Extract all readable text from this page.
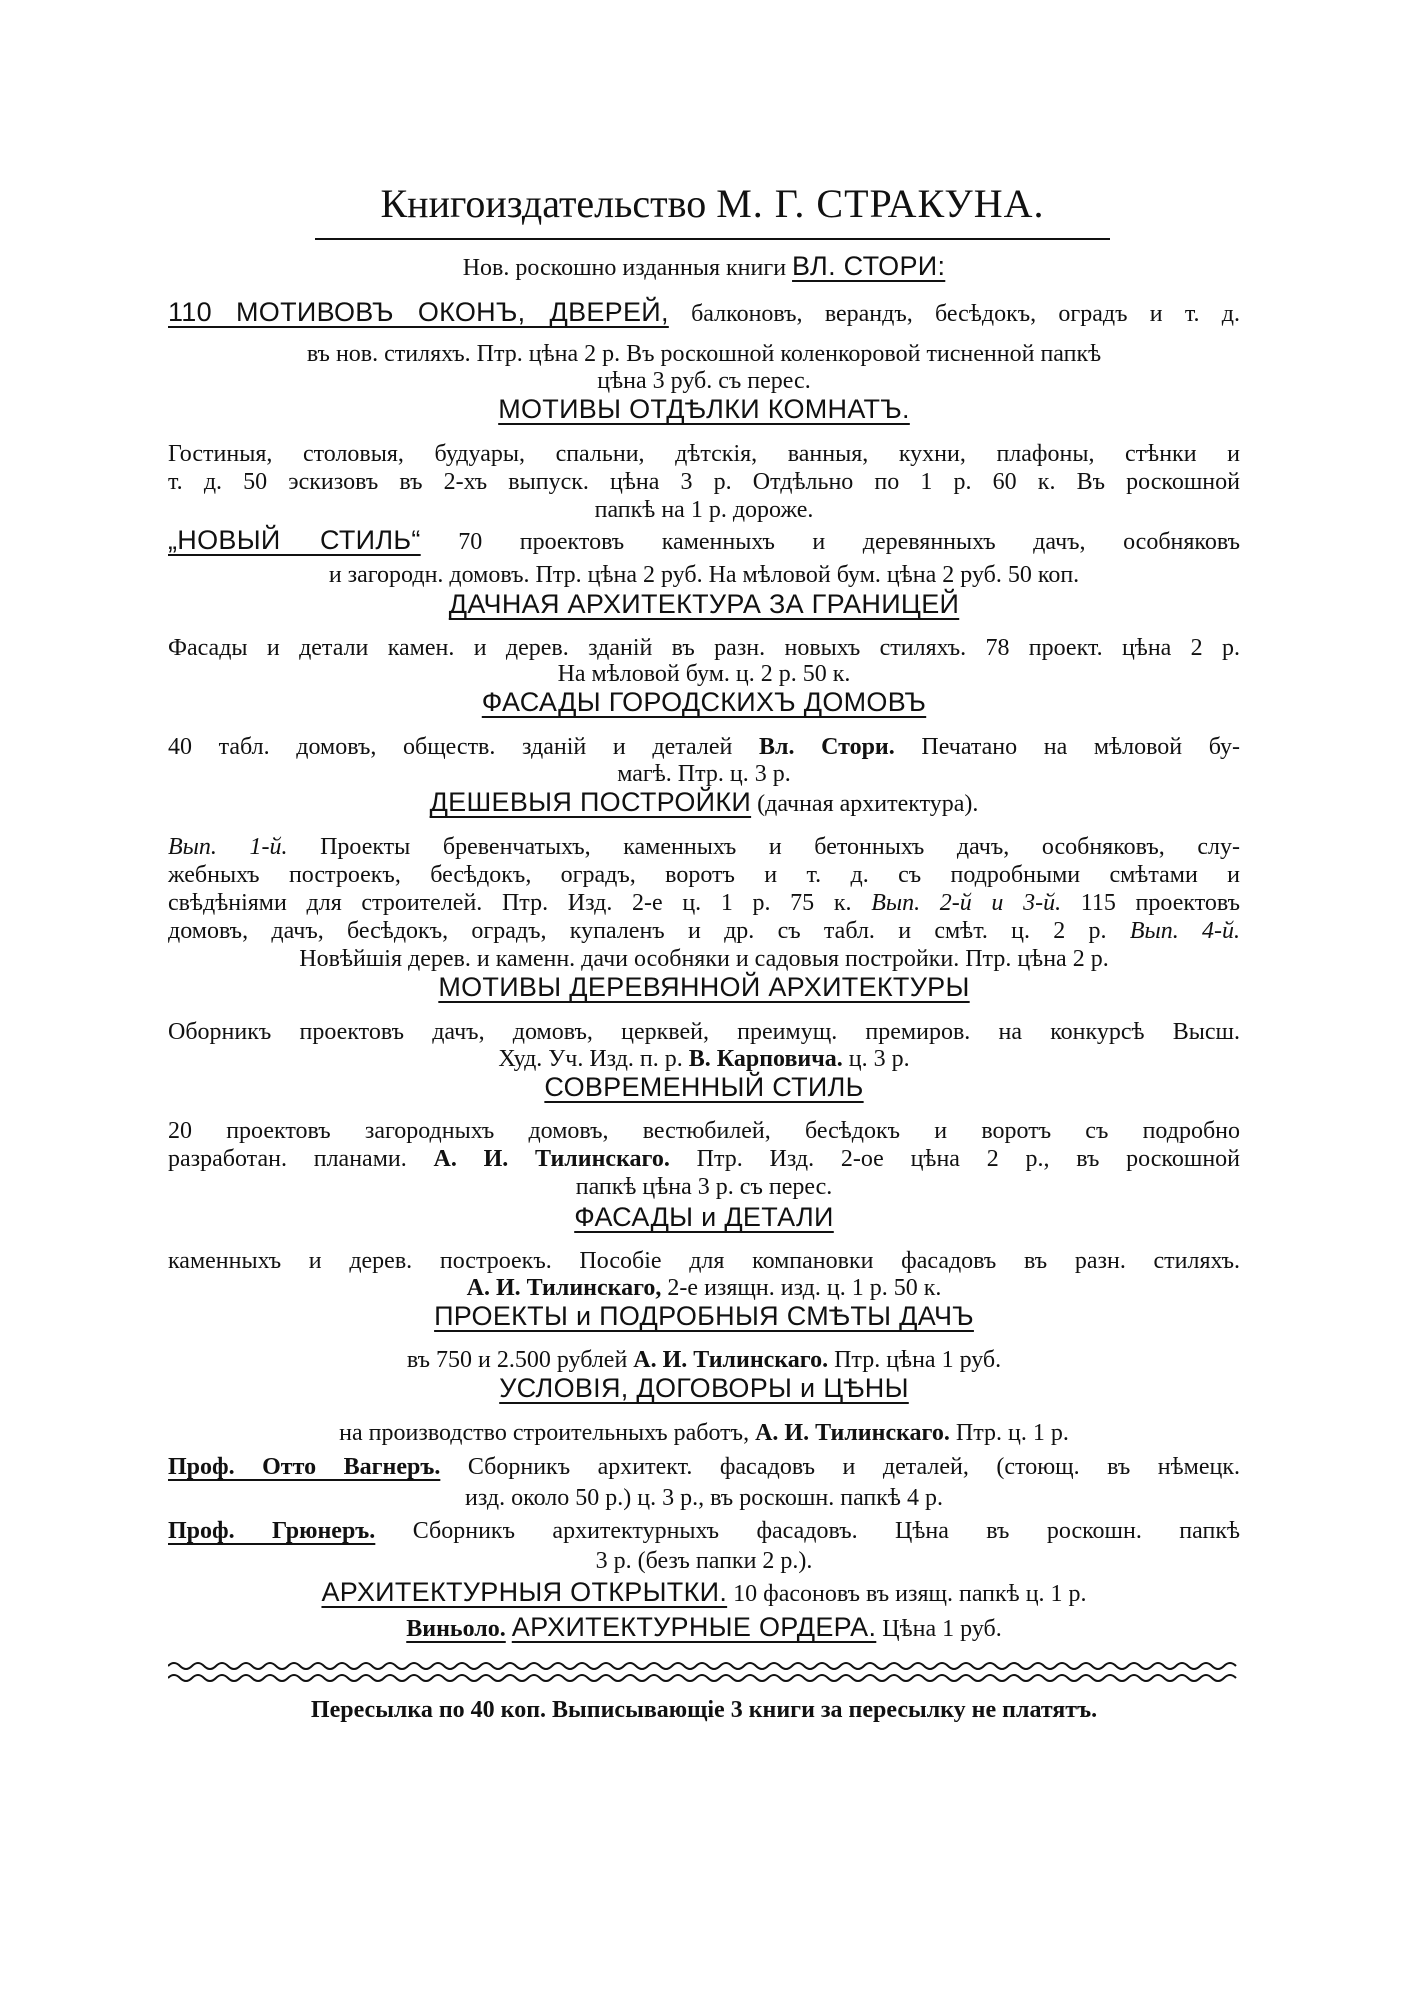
Книгоиздательство М. Г. СТРАКУНА.
Нов. роскошно изданныя книги ВЛ. СТОРИ:
110 МОТИВОВЪ ОКОНЪ, ДВЕРЕЙ, балконовъ, верандъ, бесѣдокъ, оградъ и т. д.
въ нов. стиляхъ. Птр. цѣна 2 р. Въ роскошной коленкоровой тисненной папкѣ
цѣна 3 руб. съ перес.
МОТИВЫ ОТДѢЛКИ КОМНАТЪ.
Гостиныя, столовыя, будуары, спальни, дѣтскія, ванныя, кухни, плафоны, стѣнки и
т. д. 50 эскизовъ въ 2-хъ выпуск. цѣна 3 р. Отдѣльно по 1 р. 60 к. Въ роскошной
папкѣ на 1 р. дороже.
„НОВЫЙ СТИЛЬ“ 70 проектовъ каменныхъ и деревянныхъ дачъ, особняковъ
и загородн. домовъ. Птр. цѣна 2 руб. На мѣловой бум. цѣна 2 руб. 50 коп.
ДАЧНАЯ АРХИТЕКТУРА ЗА ГРАНИЦЕЙ
Фасады и детали камен. и дерев. зданій въ разн. новыхъ стиляхъ. 78 проект. цѣна 2 р.
На мѣловой бум. ц. 2 р. 50 к.
ФАСАДЫ ГОРОДСКИХЪ ДОМОВЪ
40 табл. домовъ, обществ. зданій и деталей Вл. Стори. Печатано на мѣловой бу-
магѣ. Птр. ц. 3 р.
ДЕШЕВЫЯ ПОСТРОЙКИ (дачная архитектура).
Вып. 1-й. Проекты бревенчатыхъ, каменныхъ и бетонныхъ дачъ, особняковъ, слу-
жебныхъ построекъ, бесѣдокъ, оградъ, воротъ и т. д. съ подробными смѣтами и
свѣдѣніями для строителей. Птр. Изд. 2-е ц. 1 р. 75 к. Вып. 2-й и 3-й. 115 проектовъ
домовъ, дачъ, бесѣдокъ, оградъ, купаленъ и др. съ табл. и смѣт. ц. 2 р. Вып. 4-й.
Новѣйшія дерев. и каменн. дачи особняки и садовыя постройки. Птр. цѣна 2 р.
МОТИВЫ ДЕРЕВЯННОЙ АРХИТЕКТУРЫ
Оборникъ проектовъ дачъ, домовъ, церквей, преимущ. премиров. на конкурсѣ Высш.
Худ. Уч. Изд. п. р. В. Карповича. ц. 3 р.
СОВРЕМЕННЫЙ СТИЛЬ
20 проектовъ загородныхъ домовъ, вестюбилей, бесѣдокъ и воротъ съ подробно
разработан. планами. А. И. Тилинскаго. Птр. Изд. 2-ое цѣна 2 р., въ роскошной
папкѣ цѣна 3 р. съ перес.
ФАСАДЫ и ДЕТАЛИ
каменныхъ и дерев. построекъ. Пособіе для компановки фасадовъ въ разн. стиляхъ.
А. И. Тилинскаго, 2-е изящн. изд. ц. 1 р. 50 к.
ПРОЕКТЫ и ПОДРОБНЫЯ СМѢТЫ ДАЧЪ
въ 750 и 2.500 рублей А. И. Тилинскаго. Птр. цѣна 1 руб.
УСЛОВІЯ, ДОГОВОРЫ и ЦѢНЫ
на производство строительныхъ работъ, А. И. Тилинскаго. Птр. ц. 1 р.
Проф. Отто Вагнеръ. Сборникъ архитект. фасадовъ и деталей, (стоющ. въ нѣмецк.
изд. около 50 р.) ц. 3 р., въ роскошн. папкѣ 4 р.
Проф. Грюнеръ. Сборникъ архитектурныхъ фасадовъ. Цѣна въ роскошн. папкѣ
3 р. (безъ папки 2 р.).
АРХИТЕКТУРНЫЯ ОТКРЫТКИ. 10 фасоновъ въ изящ. папкѣ ц. 1 р.
Виньоло. АРХИТЕКТУРНЫЕ ОРДЕРА. Цѣна 1 руб.
Пересылка по 40 коп. Выписывающіе 3 книги за пересылку не платятъ.
